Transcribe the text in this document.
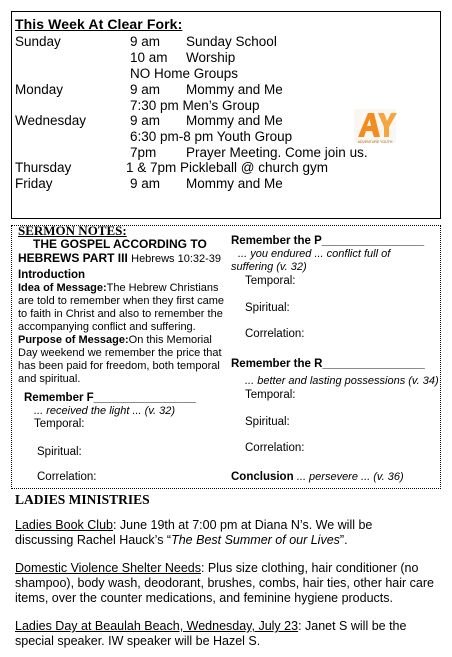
This Week At Clear Fork:
Sunday	9 am Sunday School
10 am Worship
NO Home Groups
Monday	9 am Mommy and Me
7:30 pm Men’s Group
Wednesday	9 am Mommy and Me
6:30 pm-8 pm Youth Group
7pm Prayer Meeting. Come join us.
Thursday	1 & 7pm Pickleball @ church gym
Friday	9 am Mommy and Me
ADVENTURE YOUTH
SERMON NOTES:
THE GOSPEL ACCORDING TO
HEBREWS PART III Hebrews 10:32-39
Introduction
Idea of Message:The Hebrew Christians are told to remember when they first came to faith in Christ and also to remember the accompanying conflict and suffering.
Purpose of Message:On this Memorial Day weekend we remember the price that has been paid for freedom, both temporal and spiritual.
Remember F________________
... received the light ... (v. 32)
Temporal:
Spiritual:
Correlation:
Remember the P________________
... you endured ... conflict full of
suffering (v. 32)
Temporal:
Spiritual:
Correlation:
Remember the R________________
... better and lasting possessions (v. 34)
Temporal:
Spiritual:
Correlation:
Conclusion ... persevere ... (v. 36)
LADIES MINISTRIES
Ladies Book Club: June 19th at 7:00 pm at Diana N’s. We will be
discussing Rachel Hauck’s “The Best Summer of our Lives”.
Domestic Violence Shelter Needs: Plus size clothing, hair conditioner (no
shampoo), body wash, deodorant, brushes, combs, hair ties, other hair care
items, over the counter medications, and feminine hygiene products.
Ladies Day at Beaulah Beach, Wednesday, July 23: Janet S will be the
special speaker. IW speaker will be Hazel S.
